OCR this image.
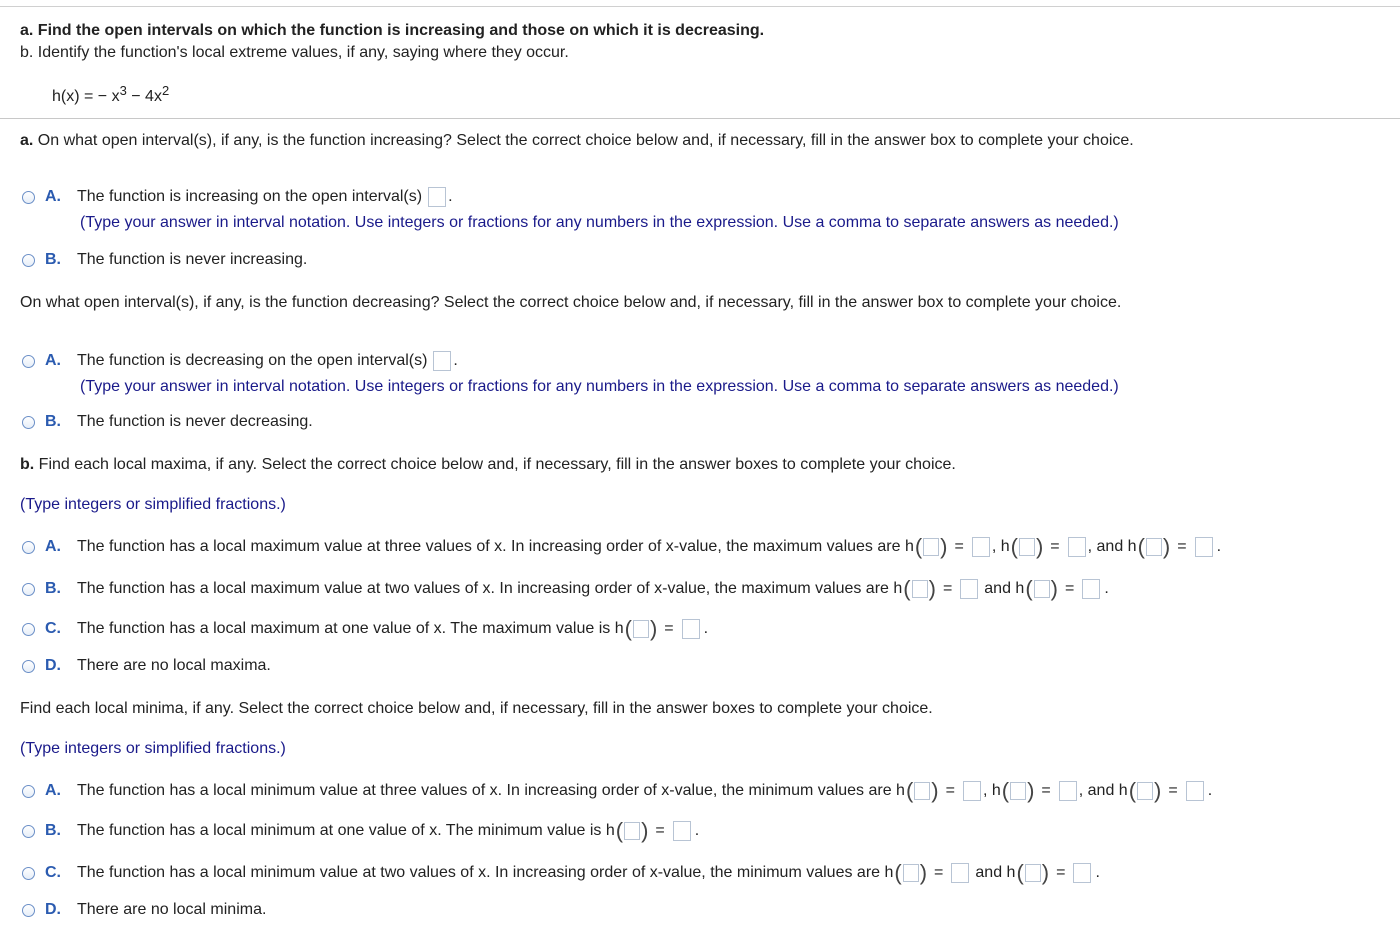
a. Find the open intervals on which the function is increasing and those on which it is decreasing.
b. Identify the function's local extreme values, if any, saying where they occur.
h(x) = − $x^3 - 4x^2$
a. On what open interval(s), if any, is the function increasing? Select the correct choice below and, if necessary, fill in the answer box to complete your choice.
A.	The function is increasing on the open interval(s) .
(Type your answer in interval notation. Use integers or fractions for any numbers in the expression. Use a comma to separate answers as needed.)
B.	The function is never increasing.
On what open interval(s), if any, is the function decreasing? Select the correct choice below and, if necessary, fill in the answer box to complete your choice.
A.	The function is decreasing on the open interval(s) .
(Type your answer in interval notation. Use integers or fractions for any numbers in the expression. Use a comma to separate answers as needed.)
B.	The function is never decreasing.
b. Find each local maxima, if any. Select the correct choice below and, if necessary, fill in the answer boxes to complete your choice.
(Type integers or simplified fractions.)
A.	The function has a local maximum value at three values of x. In increasing order of x-value, the maximum values are h ( ) = , h ( ) = , and h ( ) = .
B.	The function has a local maximum value at two values of x. In increasing order of x-value, the maximum values are h ( ) = and h ( ) = .
C.	The function has a local maximum at one value of x. The maximum value is h ( ) = .
D.	There are no local maxima.
Find each local minima, if any. Select the correct choice below and, if necessary, fill in the answer boxes to complete your choice.
(Type integers or simplified fractions.)
A.	The function has a local minimum value at three values of x. In increasing order of x-value, the minimum values are h ( ) = , h ( ) = , and h ( ) = .
B.	The function has a local minimum at one value of x. The minimum value is h ( ) = .
C.	The function has a local minimum value at two values of x. In increasing order of x-value, the minimum values are h ( ) = and h ( ) = .
D.	There are no local minima.
